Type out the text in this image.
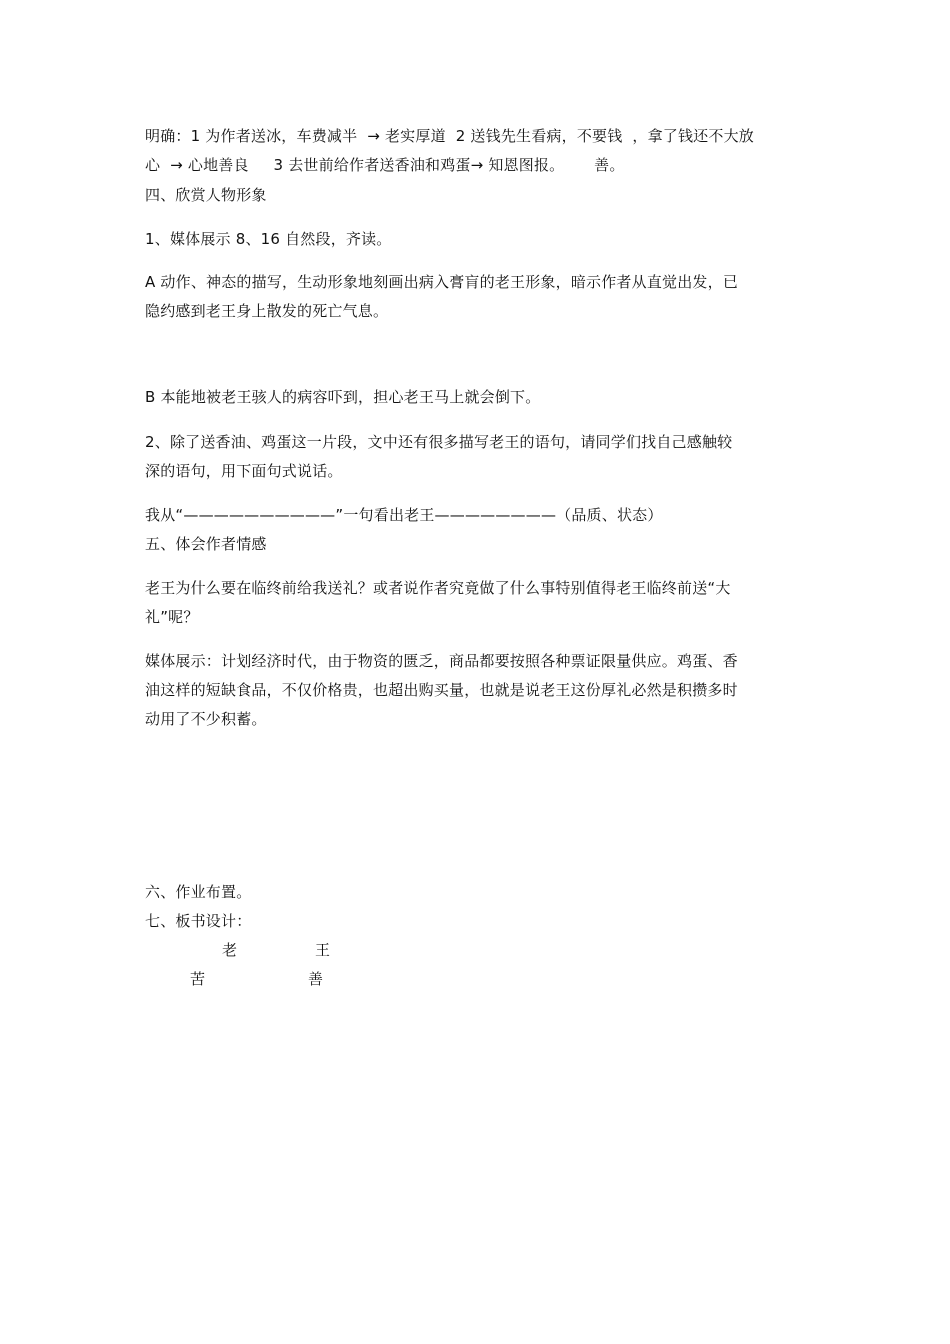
明确：1 为作者送冰，车费减半  → 老实厚道  2 送钱先生看病，不要钱  ，拿了钱还不大放
心  → 心地善良     3 去世前给作者送香油和鸡蛋→ 知恩图报。      善。
四、欣赏人物形象
1、媒体展示 8、16 自然段，齐读。
A 动作、神态的描写，生动形象地刻画出病入膏肓的老王形象，暗示作者从直觉出发，已
隐约感到老王身上散发的死亡气息。
B 本能地被老王骇人的病容吓到，担心老王马上就会倒下。
2、除了送香油、鸡蛋这一片段，文中还有很多描写老王的语句，请同学们找自己感触较
深的语句，用下面句式说话。
我从“——————————”一句看出老王————————（品质、状态）
五、体会作者情感
老王为什么要在临终前给我送礼？或者说作者究竟做了什么事特别值得老王临终前送“大
礼”呢？
媒体展示：计划经济时代，由于物资的匮乏，商品都要按照各种票证限量供应。鸡蛋、香
油这样的短缺食品，不仅价格贵，也超出购买量，也就是说老王这份厚礼必然是积攒多时
动用了不少积蓄。
六、作业布置。
七、板书设计：
老	王
苦	善
